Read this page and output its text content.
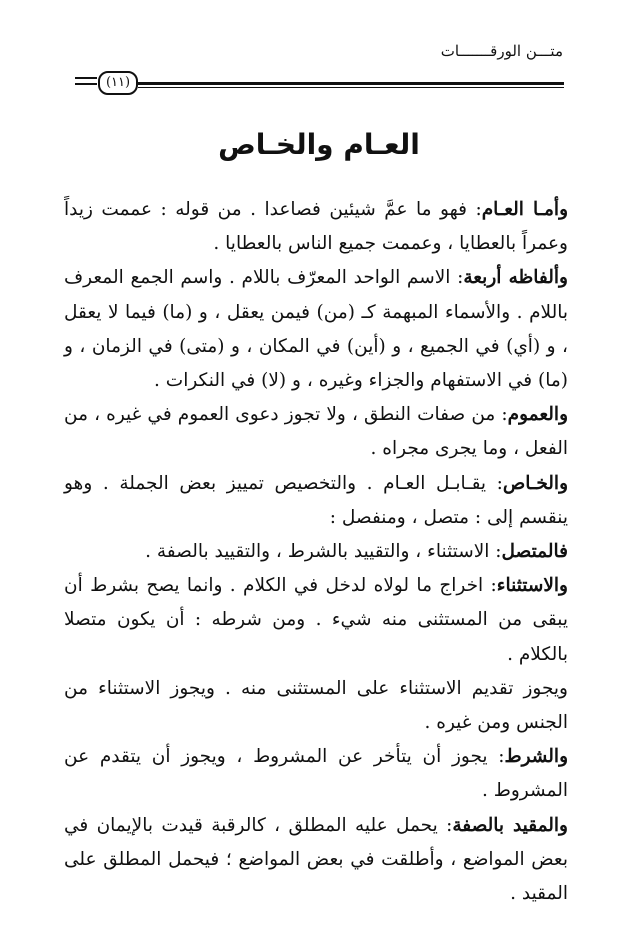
متـــن الورقـــــــات
(١١)
العـام والخـاص

وأمـا العـام: فهو ما عمَّ شيئين فصاعدا . من قوله : عممت زيداً وعمراً بالعطايا ، وعممت جميع الناس بالعطايا .

وألفاظه أربعة: الاسم الواحد المعرّف باللام . واسم الجمع المعرف باللام . والأسماء المبهمة كـ (من) فيمن يعقل ، و (ما) فيما لا يعقل ، و (أي) في الجميع ، و (أين) في المكان ، و (متى) في الزمان ، و (ما) في الاستفهام والجزاء وغيره ، و (لا) في النكرات .

والعموم: من صفات النطق ، ولا تجوز دعوى العموم في غيره ، من الفعل ، وما يجرى مجراه .

والخـاص: يقـابـل العـام . والتخصيص تمييز بعض الجملة . وهو ينقسم إلى : متصل ، ومنفصل :

فالمتصل: الاستثناء ، والتقييد بالشرط ، والتقييد بالصفة .

والاستثناء: اخراج ما لولاه لدخل في الكلام . وانما يصح بشرط أن يبقى من المستثنى منه شيء . ومن شرطه : أن يكون متصلا بالكلام .

ويجوز تقديم الاستثناء على المستثنى منه . ويجوز الاستثناء من الجنس ومن غيره .

والشرط: يجوز أن يتأخر عن المشروط ، ويجوز أن يتقدم عن المشروط .

والمقيد بالصفة: يحمل عليه المطلق ، كالرقبة قيدت بالإيمان في بعض المواضع ، وأطلقت في بعض المواضع ؛ فيحمل المطلق على المقيد .
